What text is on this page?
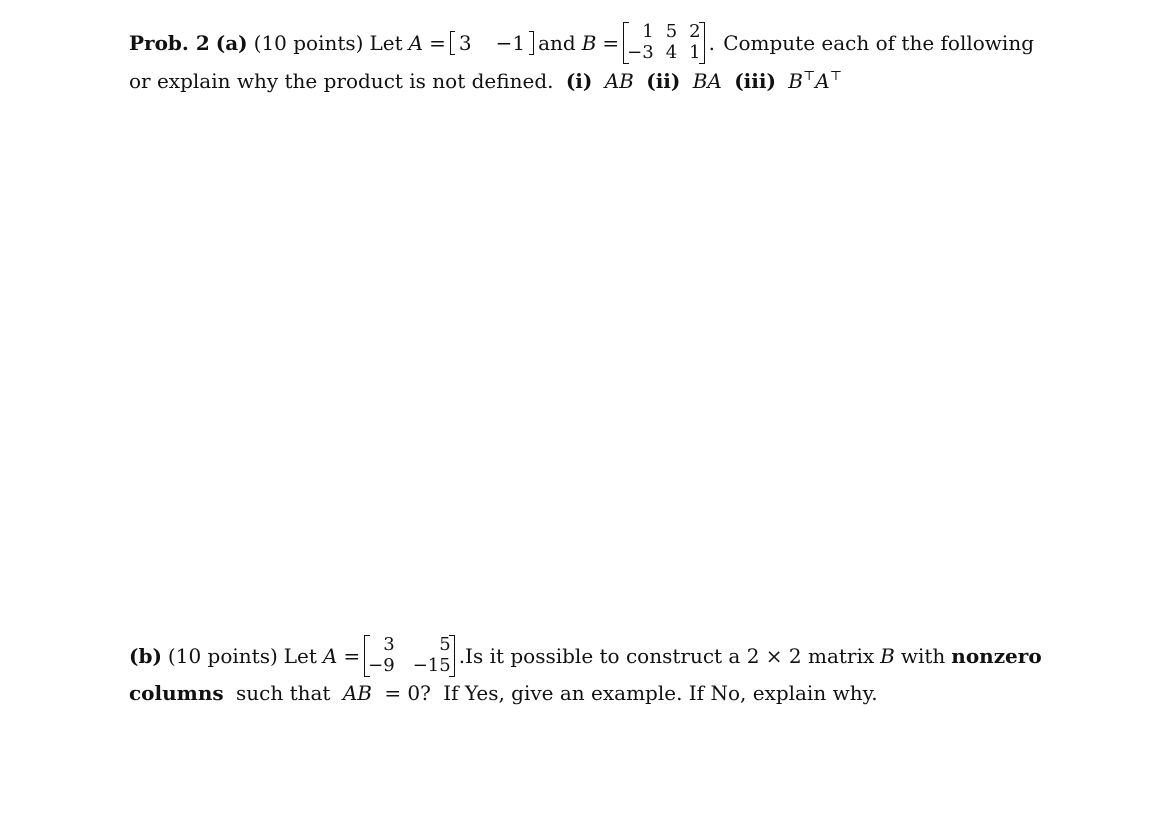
Prob. 2 (a) (10 points) Let A = 3	−1 and B =	1 5 2
−3 4 1 . Compute each of the following
or explain why the product is not defined. (i) AB (ii) BA (iii) B⊤A⊤
(b) (10 points) Let A =	3	5
−9 −15 . Is it possible to construct a 2 × 2 matrix B with nonzero
columns such that AB = 0? If Yes, give an example. If No, explain why.
